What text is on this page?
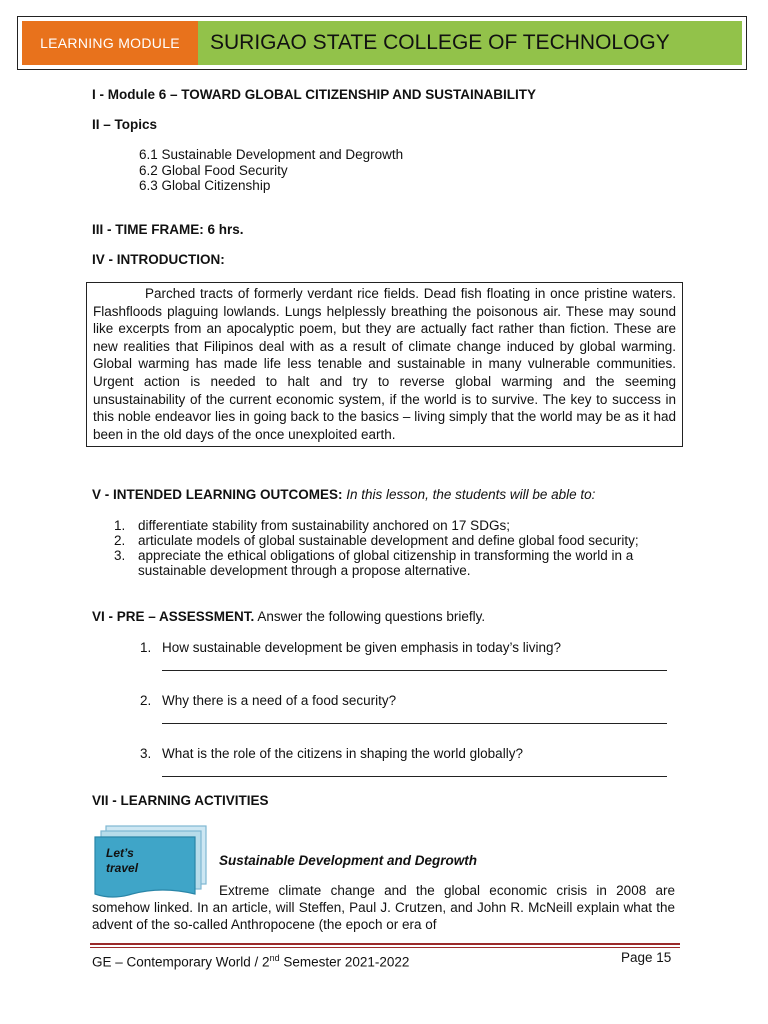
LEARNING MODULE	SURIGAO STATE COLLEGE OF TECHNOLOGY
I - Module 6 – TOWARD GLOBAL CITIZENSHIP AND SUSTAINABILITY
II – Topics
6.1 Sustainable Development and Degrowth
6.2 Global Food Security
6.3 Global Citizenship
III - TIME FRAME: 6 hrs.
IV - INTRODUCTION:

Parched tracts of formerly verdant rice fields. Dead fish floating in once pristine waters. Flashfloods plaguing lowlands. Lungs helplessly breathing the poisonous air. These may sound like excerpts from an apocalyptic poem, but they are actually fact rather than fiction. These are new realities that Filipinos deal with as a result of climate change induced by global warming. Global warming has made life less tenable and sustainable in many vulnerable communities. Urgent action is needed to halt and try to reverse global warming and the seeming unsustainability of the current economic system, if the world is to survive. The key to success in this noble endeavor lies in going back to the basics – living simply that the world may be as it had been in the old days of the once unexploited earth.

V - INTENDED LEARNING OUTCOMES: In this lesson, the students will be able to:
1. differentiate stability from sustainability anchored on 17 SDGs;
2. articulate models of global sustainable development and define global food security;
3. appreciate the ethical obligations of global citizenship in transforming the world in a
sustainable development through a propose alternative.
VI - PRE – ASSESSMENT. Answer the following questions briefly.
1. How sustainable development be given emphasis in today’s living?
2. Why there is a need of a food security?
3. What is the role of the citizens in shaping the world globally?
VII - LEARNING ACTIVITIES
Let’s
travel	Sustainable Development and Degrowth
Extreme climate change and the global economic crisis in 2008 are somehow linked. In an article, will Steffen, Paul J. Crutzen, and John R. McNeill explain what the advent of the so-called Anthropocene (the epoch or era of
GE – Contemporary World / 2nd Semester 2021-2022	Page 15
